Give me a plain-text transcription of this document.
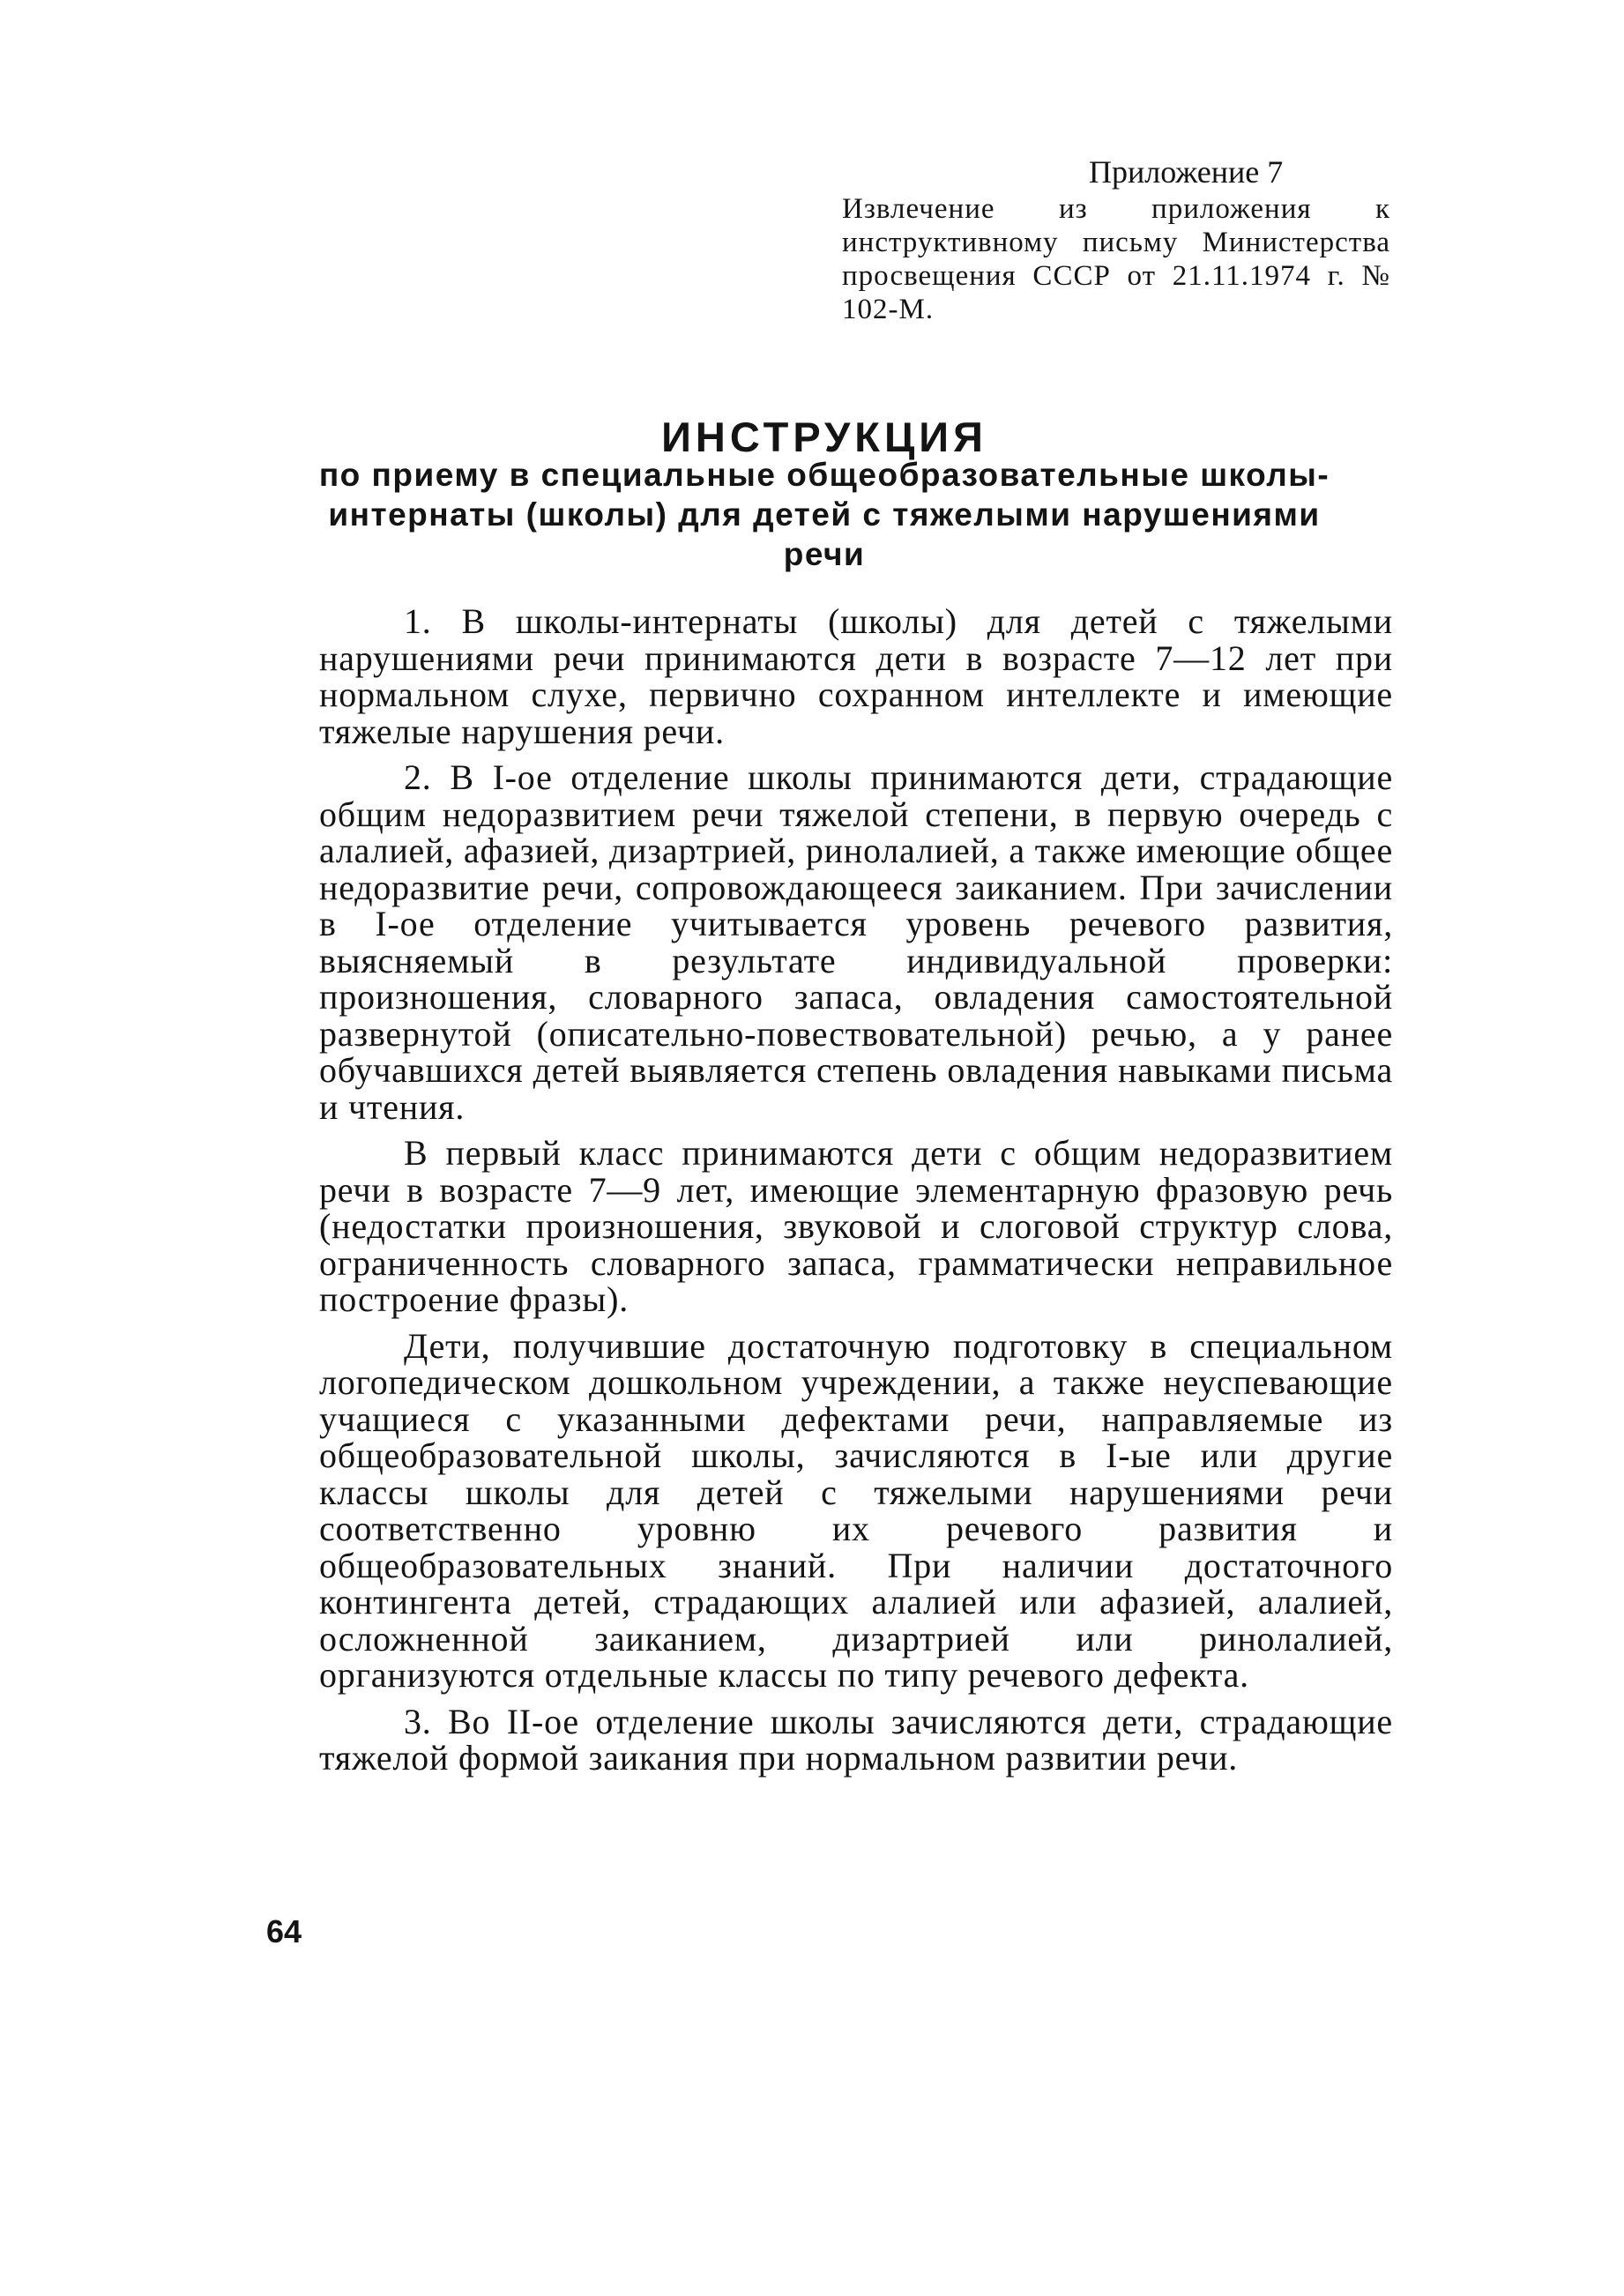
Приложение 7
Извлечение из приложения к инструктивному письму Министерства просвещения СССР от 21.11.1974 г. № 102-М.
ИНСТРУКЦИЯ
по приему в специальные общеобразовательные школы-интернаты (школы) для детей с тяжелыми нарушениями речи

1. В школы-интернаты (школы) для детей с тяжелыми нарушениями речи принимаются дети в возрасте 7—12 лет при нормальном слухе, первично сохранном интеллекте и имеющие тяжелые нарушения речи.

2. В I-ое отделение школы принимаются дети, страдающие общим недоразвитием речи тяжелой степени, в первую очередь с алалией, афазией, дизартрией, ринолалией, а также имеющие общее недоразвитие речи, сопровождающееся заиканием. При зачислении в I-ое отделение учитывается уровень речевого развития, выясняемый в результате индивидуальной проверки: произношения, словарного запаса, овладения самостоятельной развернутой (описательно-повествовательной) речью, а у ранее обучавшихся детей выявляется степень овладения навыками письма и чтения.

В первый класс принимаются дети с общим недоразвитием речи в возрасте 7—9 лет, имеющие элементарную фразовую речь (недостатки произношения, звуковой и слоговой структур слова, ограниченность словарного запаса, грамматически неправильное построение фразы).

Дети, получившие достаточную подготовку в специальном логопедическом дошкольном учреждении, а также неуспевающие учащиеся с указанными дефектами речи, направляемые из общеобразовательной школы, зачисляются в I-ые или другие классы школы для детей с тяжелыми нарушениями речи соответственно уровню их речевого развития и общеобразовательных знаний. При наличии достаточного контингента детей, страдающих алалией или афазией, алалией, осложненной заиканием, дизартрией или ринолалией, организуются отдельные классы по типу речевого дефекта.

3. Во II-ое отделение школы зачисляются дети, страдающие тяжелой формой заикания при нормальном развитии речи.

64
